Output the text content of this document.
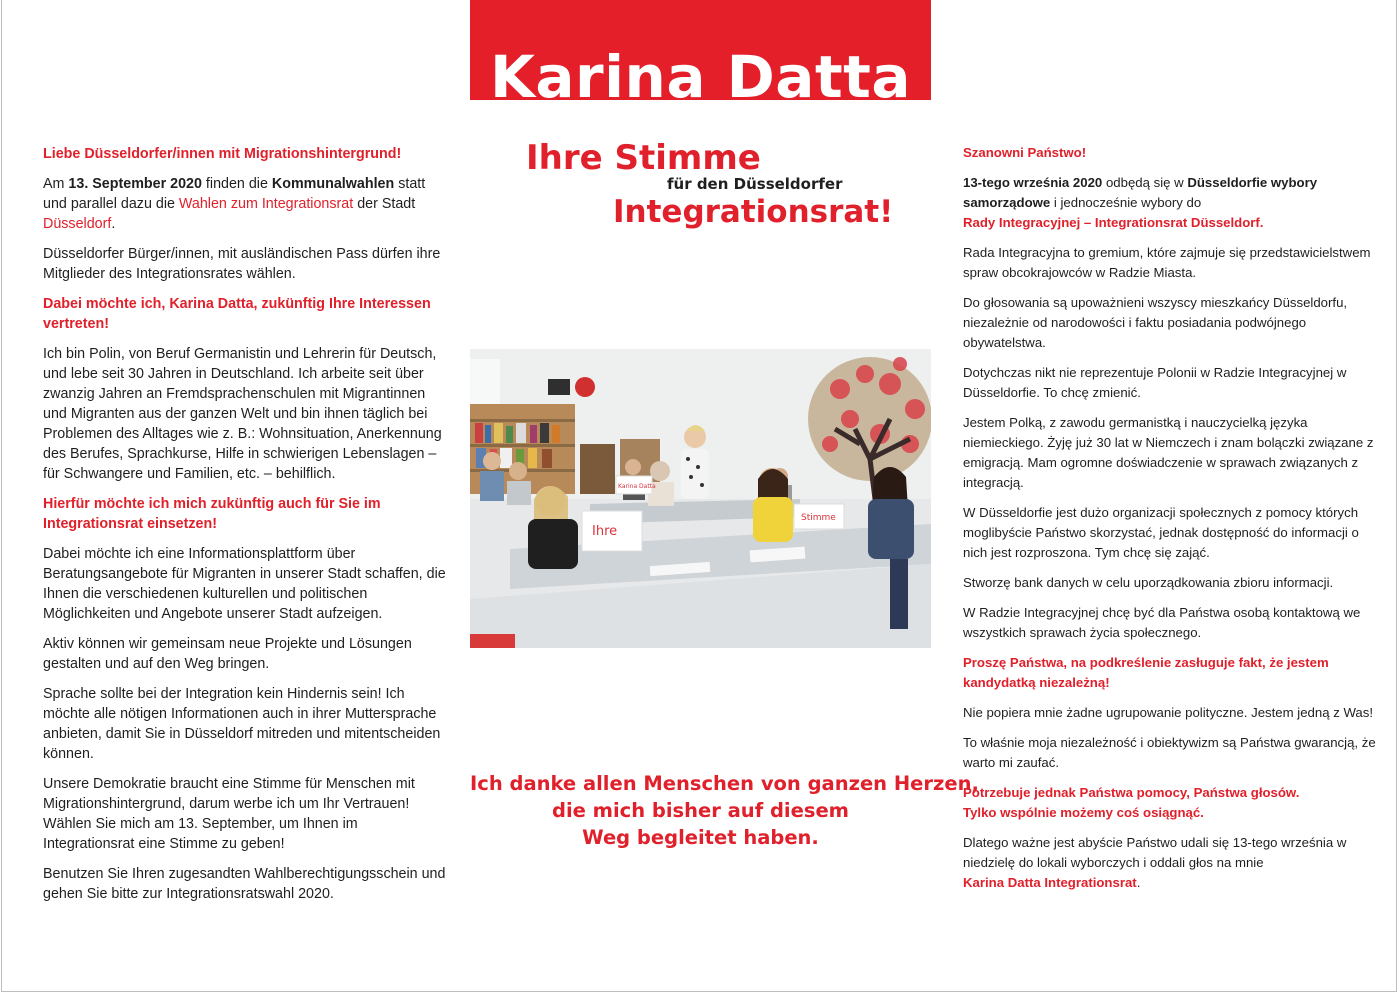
Karina Datta

Liebe Düsseldorfer/innen mit Migrationshintergrund!

Am 13. September 2020 finden die Kommunalwahlen statt und parallel dazu die Wahlen zum Integrationsrat der Stadt Düsseldorf.

Düsseldorfer Bürger/innen, mit ausländischen Pass dürfen ihre Mitglieder des Integrationsrates wählen.

Dabei möchte ich, Karina Datta, zukünftig Ihre Interessen vertreten!

Ich bin Polin, von Beruf Germanistin und Lehrerin für Deutsch, und lebe seit 30 Jahren in Deutschland. Ich arbeite seit über zwanzig Jahren an Fremdsprachenschulen mit Migrantinnen und Migranten aus der ganzen Welt und bin ihnen täglich bei Problemen des Alltages wie z. B.: Wohnsituation, Anerkennung des Berufes, Sprachkurse, Hilfe in schwierigen Lebenslagen – für Schwangere und Familien, etc. – behilflich.

Hierfür möchte ich mich zukünftig auch für Sie im Integrationsrat einsetzen!

Dabei möchte ich eine Informationsplattform über Beratungsangebote für Migranten in unserer Stadt schaffen, die Ihnen die verschiedenen kulturellen und politischen Möglichkeiten und Angebote unserer Stadt aufzeigen.

Aktiv können wir gemeinsam neue Projekte und Lösungen gestalten und auf den Weg bringen.

Sprache sollte bei der Integration kein Hindernis sein! Ich möchte alle nötigen Informationen auch in ihrer Muttersprache anbieten, damit Sie in Düsseldorf mitreden und mitentscheiden können.

Unsere Demokratie braucht eine Stimme für Menschen mit Migrationshintergrund, darum werbe ich um Ihr Vertrauen! Wählen Sie mich am 13. September, um Ihnen im Integrationsrat eine Stimme zu geben!

Benutzen Sie Ihren zugesandten Wahlberechtigungsschein und gehen Sie bitte zur Integrationsratswahl 2020.

Ihre Stimme
für den Düsseldorfer
Integrationsrat!
Ihre
Stimme
Karina Datta
Ich danke allen Menschen von ganzen Herzen,
die mich bisher auf diesem
Weg begleitet haben.

Szanowni Państwo!

13-tego września 2020 odbędą się w Düsseldorfie wybory samorządowe i jednocześnie wybory do
Rady Integracyjnej – Integrationsrat Düsseldorf.

Rada Integracyjna to gremium, które zajmuje się przedstawicielstwem spraw obcokrajowców w Radzie Miasta.

Do głosowania są upoważnieni wszyscy mieszkańcy Düsseldorfu, niezależnie od narodowości i faktu posiadania podwójnego obywatelstwa.

Dotychczas nikt nie reprezentuje Polonii w Radzie Integracyjnej w Düsseldorfie. To chcę zmienić.

Jestem Polką, z zawodu germanistką i nauczycielką języka niemieckiego. Żyję już 30 lat w Niemczech i znam bolączki związane z emigracją. Mam ogromne doświadczenie w sprawach związanych z integracją.

W Düsseldorfie jest dużo organizacji społecznych z pomocy których moglibyście Państwo skorzystać, jednak dostępność do informacji o nich jest rozproszona. Tym chcę się zająć.

Stworzę bank danych w celu uporządkowania zbioru informacji.

W Radzie Integracyjnej chcę być dla Państwa osobą kontaktową we wszystkich sprawach życia społecznego.

Proszę Państwa, na podkreślenie zasługuje fakt, że jestem kandydatką niezależną!

Nie popiera mnie żadne ugrupowanie polityczne. Jestem jedną z Was!

To właśnie moja niezależność i obiektywizm są Państwa gwarancją, że warto mi zaufać.

Potrzebuje jednak Państwa pomocy, Państwa głosów.
Tylko wspólnie możemy coś osiągnąć.

Dlatego ważne jest abyście Państwo udali się 13-tego września w niedzielę do lokali wyborczych i oddali głos na mnie
Karina Datta Integrationsrat.
